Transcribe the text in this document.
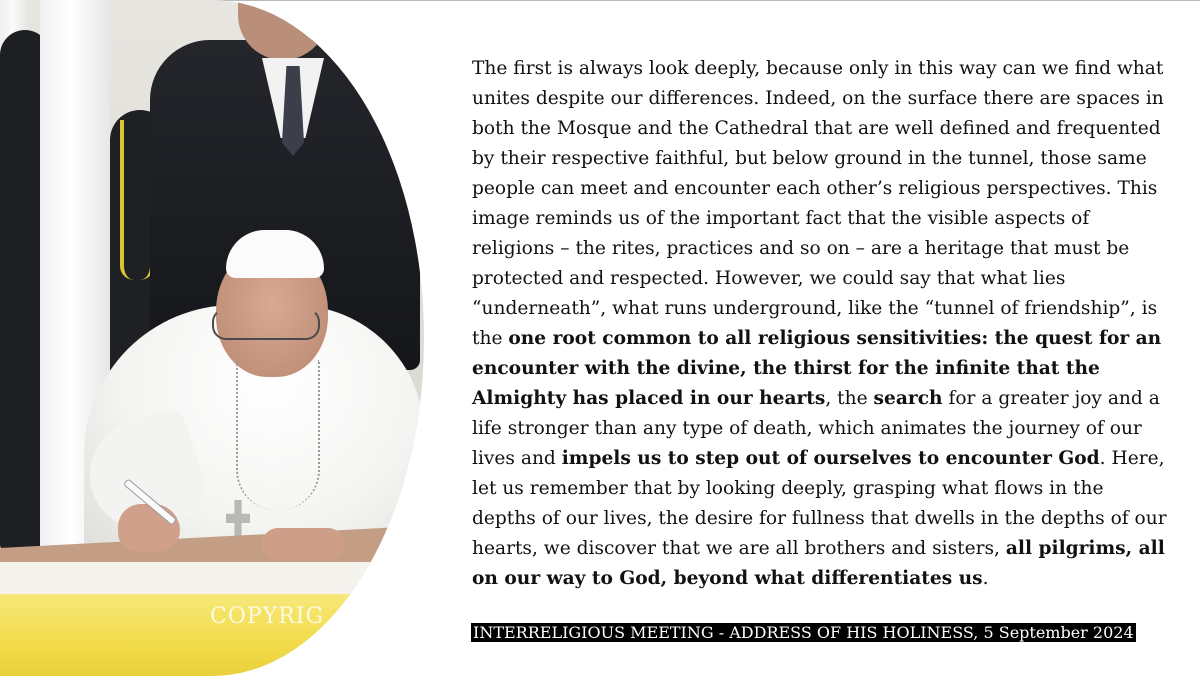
COPYRIG

The first is always look deeply, because only in this way can we find what unites despite our differences. Indeed, on the surface there are spaces in both the Mosque and the Cathedral that are well defined and frequented by their respective faithful, but below ground in the tunnel, those same people can meet and encounter each other’s religious perspectives. This image reminds us of the important fact that the visible aspects of religions – the rites, practices and so on – are a heritage that must be protected and respected. However, we could say that what lies “underneath”, what runs underground, like the “tunnel of friendship”, is the one root common to all religious sensitivities: the quest for an encounter with the divine, the thirst for the infinite that the Almighty has placed in our hearts, the search for a greater joy and a life stronger than any type of death, which animates the journey of our lives and impels us to step out of ourselves to encounter God. Here, let us remember that by looking deeply, grasping what flows in the depths of our lives, the desire for fullness that dwells in the depths of our hearts, we discover that we are all brothers and sisters, all pilgrims, all on our way to God, beyond what differentiates us.

INTERRELIGIOUS MEETING - ADDRESS OF HIS HOLINESS, 5 September 2024
